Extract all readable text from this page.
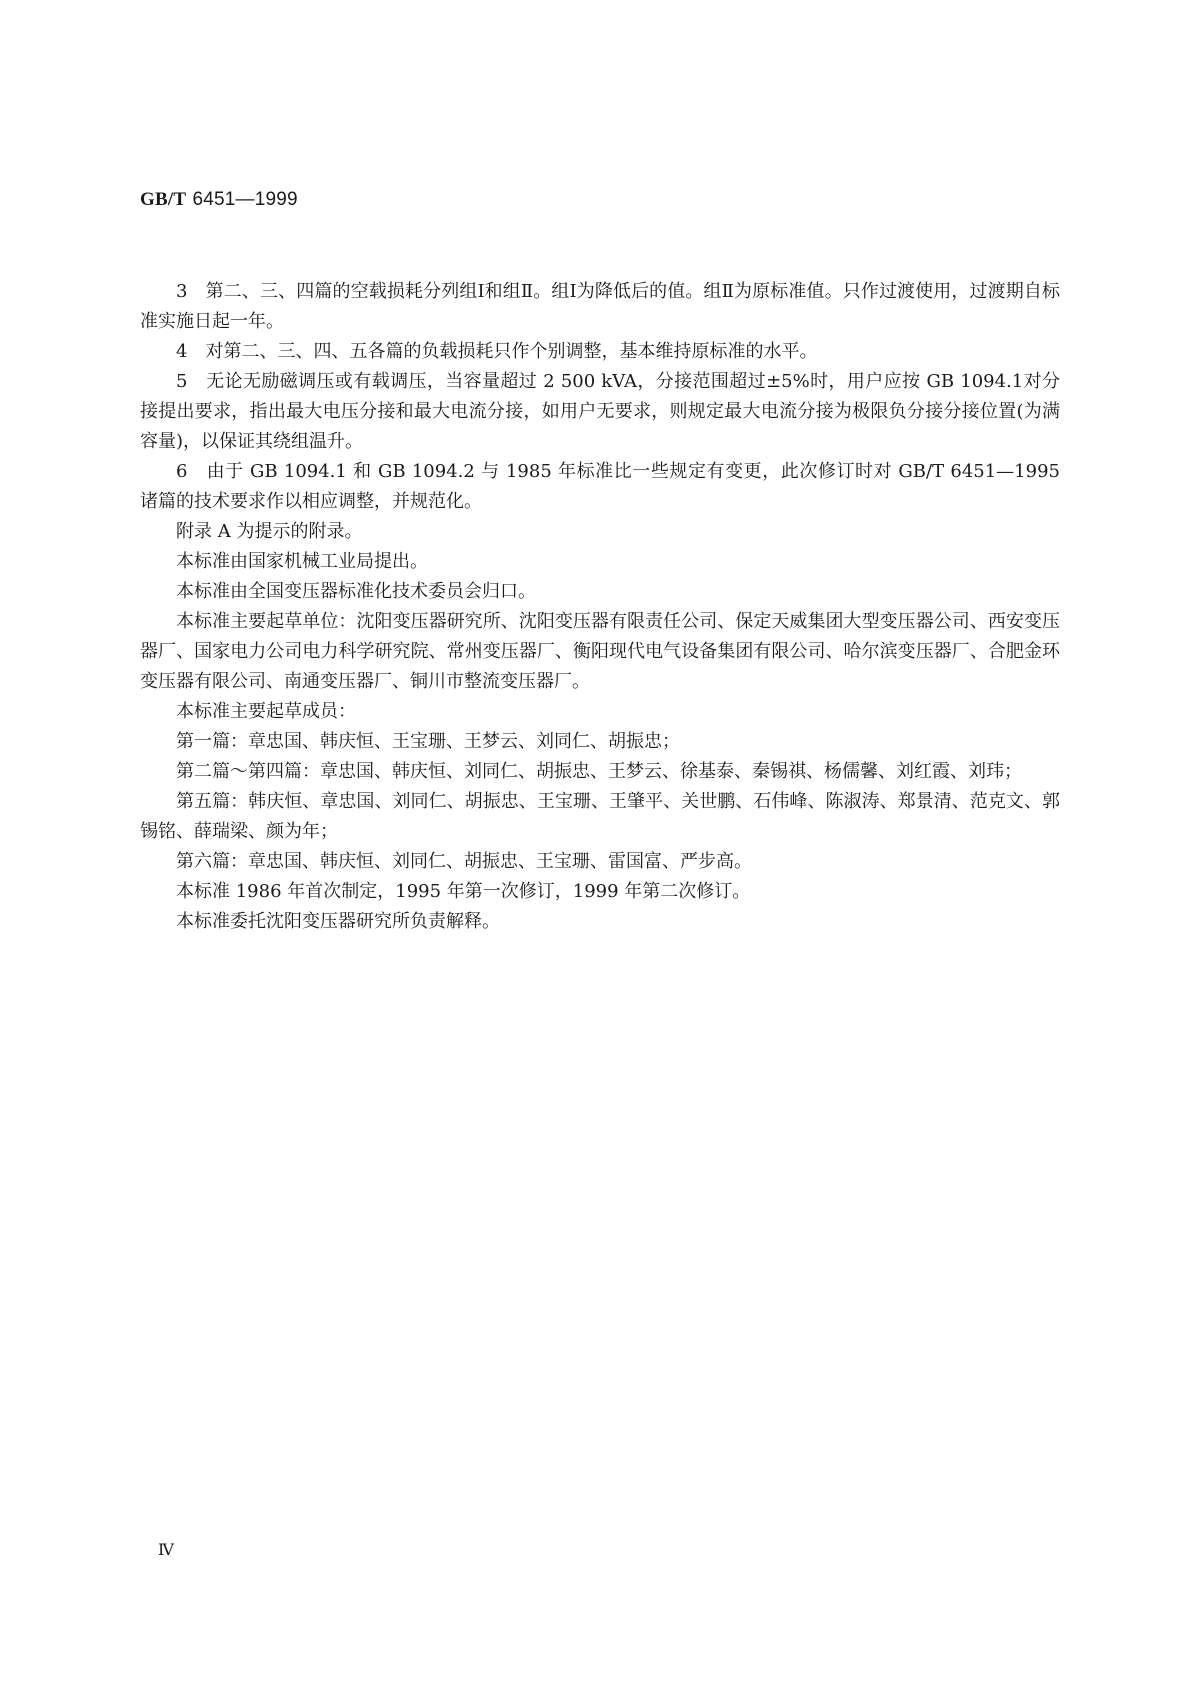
GB/T 6451—1999

3　第二、三、四篇的空载损耗分列组Ⅰ和组Ⅱ。组Ⅰ为降低后的值。组Ⅱ为原标准值。只作过渡使用，过渡期自标准实施日起一年。

4　对第二、三、四、五各篇的负载损耗只作个别调整，基本维持原标准的水平。

5　无论无励磁调压或有载调压，当容量超过 2 500 kVA，分接范围超过±5%时，用户应按 GB 1094.1对分接提出要求，指出最大电压分接和最大电流分接，如用户无要求，则规定最大电流分接为极限负分接分接位置(为满容量)，以保证其绕组温升。

6　由于 GB 1094.1 和 GB 1094.2 与 1985 年标准比一些规定有变更，此次修订时对 GB/T 6451—1995 诸篇的技术要求作以相应调整，并规范化。

附录 A 为提示的附录。

本标准由国家机械工业局提出。

本标准由全国变压器标准化技术委员会归口。

本标准主要起草单位：沈阳变压器研究所、沈阳变压器有限责任公司、保定天威集团大型变压器公司、西安变压器厂、国家电力公司电力科学研究院、常州变压器厂、衡阳现代电气设备集团有限公司、哈尔滨变压器厂、合肥金环变压器有限公司、南通变压器厂、铜川市整流变压器厂。

本标准主要起草成员：

第一篇：章忠国、韩庆恒、王宝珊、王梦云、刘同仁、胡振忠；

第二篇～第四篇：章忠国、韩庆恒、刘同仁、胡振忠、王梦云、徐基泰、秦锡祺、杨儒馨、刘红霞、刘玮；

第五篇：韩庆恒、章忠国、刘同仁、胡振忠、王宝珊、王肇平、关世鹏、石伟峰、陈淑涛、郑景清、范克文、郭锡铭、薛瑞梁、颜为年；

第六篇：章忠国、韩庆恒、刘同仁、胡振忠、王宝珊、雷国富、严步高。

本标准 1986 年首次制定，1995 年第一次修订，1999 年第二次修订。

本标准委托沈阳变压器研究所负责解释。

Ⅳ
